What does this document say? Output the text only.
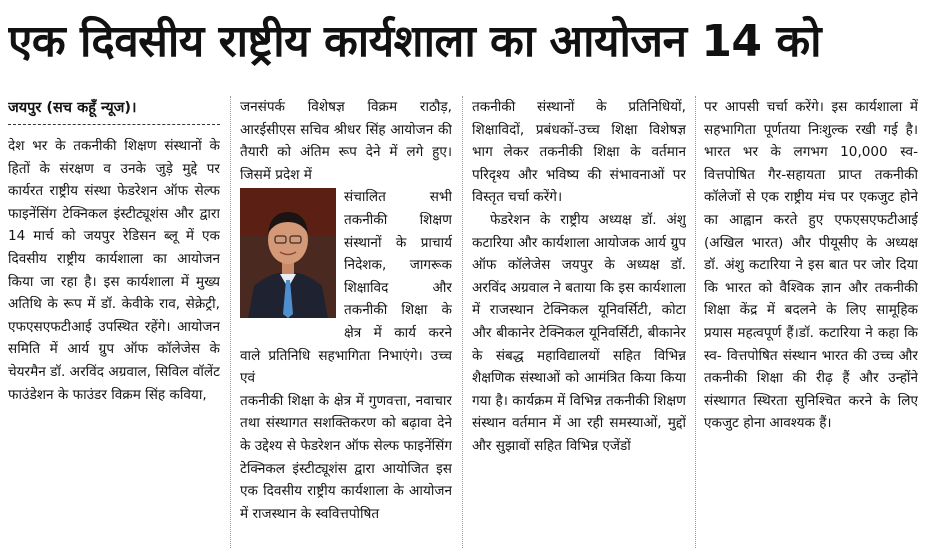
एक दिवसीय राष्ट्रीय कार्यशाला का आयोजन 14 को

जयपुर (सच कहूँ न्यूज)।

देश भर के तकनीकी शिक्षण संस्थानों के हितों के संरक्षण व उनके जुड़े मुद्दे पर कार्यरत राष्ट्रीय संस्था फेडरेशन ऑफ सेल्फ फाइनेंसिंग टेक्निकल इंस्टीट्यूशंस और द्वारा 14 मार्च को जयपुर रेडिसन ब्लू में एक दिवसीय राष्ट्रीय कार्यशाला का आयोजन किया जा रहा है। इस कार्यशाला में मुख्य अतिथि के रूप में डॉ. केवीके राव, सेक्रेट्री, एफएसएफटीआई उपस्थित रहेंगे। आयोजन समिति में आर्य ग्रुप ऑफ कॉलेजेस के चेयरमैन डॉ. अरविंद अग्रवाल, सिविल वॉलेंट फाउंडेशन के फाउंडर विक्रम सिंह कविया,

जनसंपर्क विशेषज्ञ विक्रम राठौड़, आरईसीएस सचिव श्रीधर सिंह आयोजन की तैयारी को अंतिम रूप देने में लगे हुए। जिसमें प्रदेश में

संचालित सभी तकनीकी शिक्षण संस्थानों के प्राचार्य निदेशक, जागरूक शिक्षाविद और तकनीकी शिक्षा के क्षेत्र में कार्य करने वाले प्रतिनिधि सहभागिता निभाएंगे। उच्च एवं

तकनीकी शिक्षा के क्षेत्र में गुणवत्ता, नवाचार तथा संस्थागत सशक्तिकरण को बढ़ावा देने के उद्देश्य से फेडरेशन ऑफ सेल्फ फाइनेंसिंग टेक्निकल इंस्टीट्यूशंस द्वारा आयोजित इस एक दिवसीय राष्ट्रीय कार्यशाला के आयोजन में राजस्थान के स्ववित्तपोषित

तकनीकी संस्थानों के प्रतिनिधियों, शिक्षाविदों, प्रबंधकों-उच्च शिक्षा विशेषज्ञ भाग लेकर तकनीकी शिक्षा के वर्तमान परिदृश्य और भविष्य की संभावनाओं पर विस्तृत चर्चा करेंगे।

फेडरेशन के राष्ट्रीय अध्यक्ष डॉ. अंशु कटारिया और कार्यशाला आयोजक आर्य ग्रुप ऑफ कॉलेजेस जयपुर के अध्यक्ष डॉ. अरविंद अग्रवाल ने बताया कि इस कार्यशाला में राजस्थान टेक्निकल यूनिवर्सिटी, कोटा और बीकानेर टेक्निकल यूनिवर्सिटी, बीकानेर के संबद्ध महाविद्यालयों सहित विभिन्न शैक्षणिक संस्थाओं को आमंत्रित किया किया गया है। कार्यक्रम में विभिन्न तकनीकी शिक्षण संस्थान वर्तमान में आ रही समस्याओं, मुद्दों और सुझावों सहित विभिन्न एजेंडों

पर आपसी चर्चा करेंगे। इस कार्यशाला में सहभागिता पूर्णतया निःशुल्क रखी गई है। भारत भर के लगभग 10,000 स्व- वित्तपोषित गैर-सहायता प्राप्त तकनीकी कॉलेजों से एक राष्ट्रीय मंच पर एकजुट होने का आह्वान करते हुए एफएसएफटीआई (अखिल भारत) और पीयूसीए के अध्यक्ष डॉ. अंशु कटारिया ने इस बात पर जोर दिया कि भारत को वैश्विक ज्ञान और तकनीकी शिक्षा केंद्र में बदलने के लिए सामूहिक प्रयास महत्वपूर्ण हैं।डॉ. कटारिया ने कहा कि स्व- वित्तपोषित संस्थान भारत की उच्च और तकनीकी शिक्षा की रीढ़ हैं और उन्होंने संस्थागत स्थिरता सुनिश्चित करने के लिए एकजुट होना आवश्यक हैं।
